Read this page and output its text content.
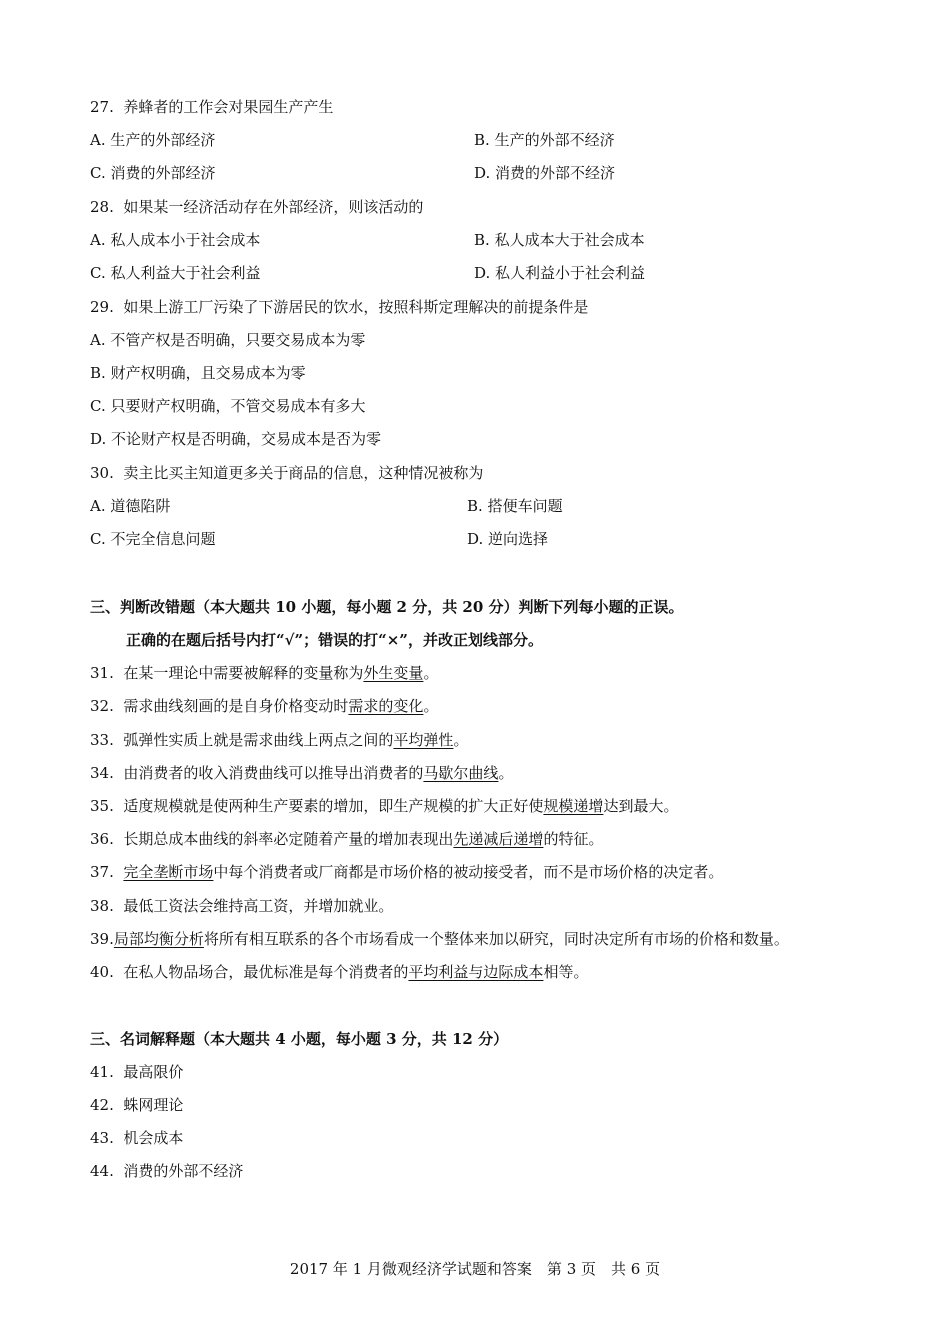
27. 养蜂者的工作会对果园生产产生
A. 生产的外部经济	B. 生产的外部不经济
C. 消费的外部经济	D. 消费的外部不经济
28. 如果某一经济活动存在外部经济，则该活动的
A. 私人成本小于社会成本	B. 私人成本大于社会成本
C. 私人利益大于社会利益	D. 私人利益小于社会利益
29. 如果上游工厂污染了下游居民的饮水，按照科斯定理解决的前提条件是
A. 不管产权是否明确，只要交易成本为零
B. 财产权明确，且交易成本为零
C. 只要财产权明确，不管交易成本有多大
D. 不论财产权是否明确，交易成本是否为零
30. 卖主比买主知道更多关于商品的信息，这种情况被称为
A. 道德陷阱	B. 搭便车问题
C. 不完全信息问题	D. 逆向选择
三、判断改错题（本大题共 10 小题，每小题 2 分，共 20 分）判断下列每小题的正误。
正确的在题后括号内打“√”；错误的打“×”，并改正划线部分。
31. 在某一理论中需要被解释的变量称为外生变量。
32. 需求曲线刻画的是自身价格变动时需求的变化。
33. 弧弹性实质上就是需求曲线上两点之间的平均弹性。
34. 由消费者的收入消费曲线可以推导出消费者的马歇尔曲线。
35. 适度规模就是使两种生产要素的增加，即生产规模的扩大正好使规模递增达到最大。
36. 长期总成本曲线的斜率必定随着产量的增加表现出先递减后递增的特征。
37. 完全垄断市场中每个消费者或厂商都是市场价格的被动接受者，而不是市场价格的决定者。
38. 最低工资法会维持高工资，并增加就业。
39.局部均衡分析将所有相互联系的各个市场看成一个整体来加以研究，同时决定所有市场的价格和数量。
40. 在私人物品场合，最优标准是每个消费者的平均利益与边际成本相等。
三、名词解释题（本大题共 4 小题，每小题 3 分，共 12 分）
41. 最高限价
42. 蛛网理论
43. 机会成本
44. 消费的外部不经济
2017 年 1 月微观经济学试题和答案　第 3 页　共 6 页
